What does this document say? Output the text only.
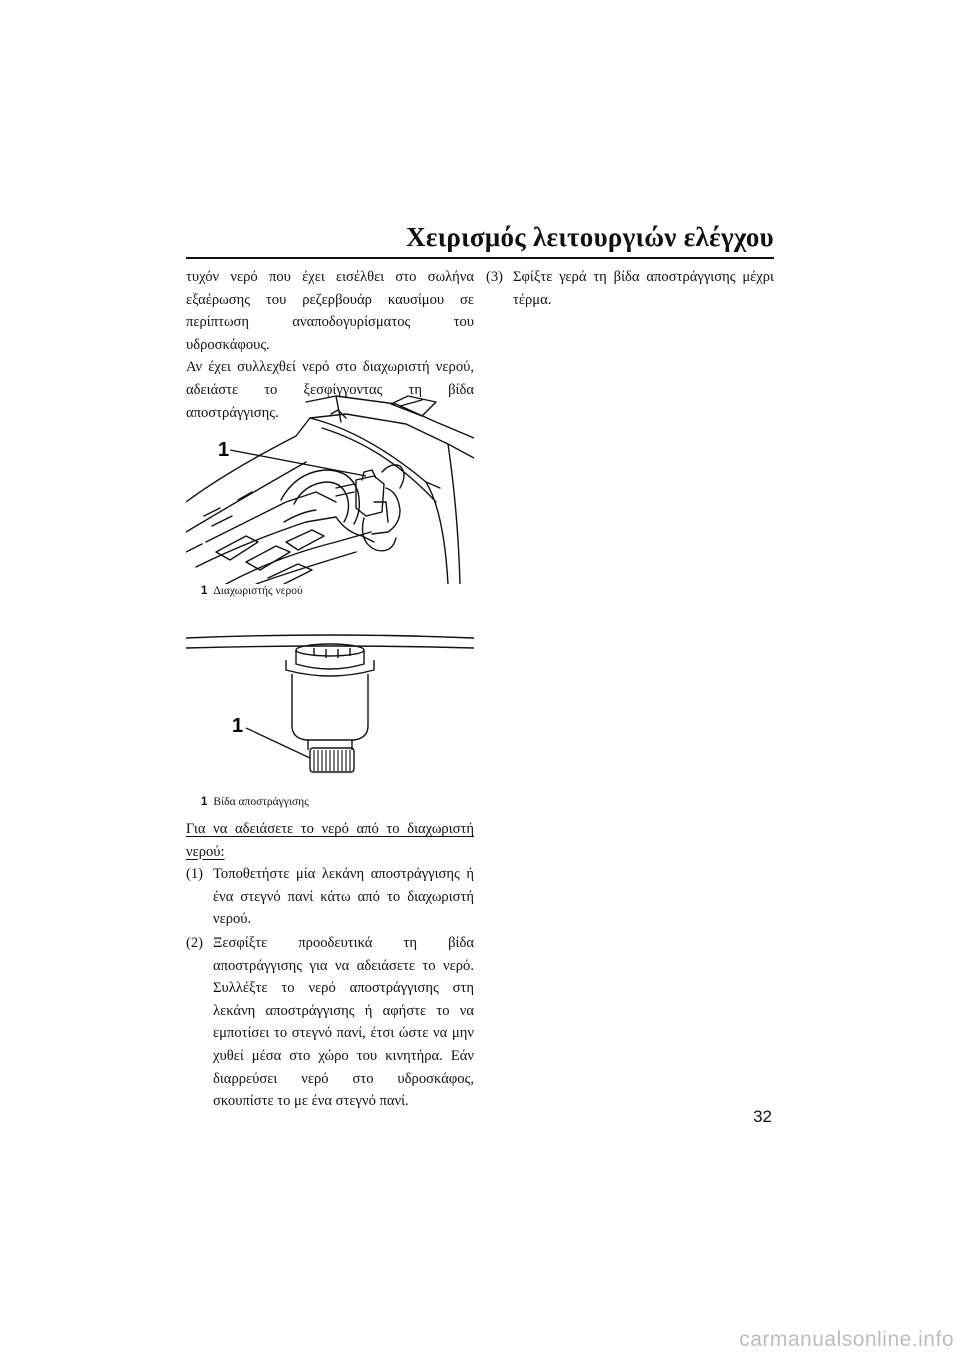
Χειρισμός λειτουργιών ελέγχου
τυχόν νερό που έχει εισέλθει στο σωλήνα
εξαέρωσης του ρεζερβουάρ καυσίμου σε
περίπτωση αναποδογυρίσματος του
υδροσκάφους.
Αν έχει συλλεχθεί νερό στο διαχωριστή νερού,
αδειάστε το ξεσφίγγοντας τη βίδα αποστράγγισης.
1
1 Διαχωριστής νερού
1
1 Βίδα αποστράγγισης
Για να αδειάσετε το νερό από το διαχωριστή νερού:
(1) Τοποθετήστε μία λεκάνη αποστράγγισης ή ένα στεγνό πανί κάτω από το διαχωριστή νερού.
(2) Ξεσφίξτε προοδευτικά τη βίδα αποστράγγισης για να αδειάσετε το νερό. Συλλέξτε το νερό αποστράγγισης στη λεκάνη αποστράγγισης ή αφήστε το να εμποτίσει το στεγνό πανί, έτσι ώστε να μην χυθεί μέσα στο χώρο του κινητήρα. Εάν διαρρεύσει νερό στο υδροσκάφος, σκουπίστε το με ένα στεγνό πανί.
(3) Σφίξτε γερά τη βίδα αποστράγγισης μέχρι τέρμα.
32
carmanualsonline.info
